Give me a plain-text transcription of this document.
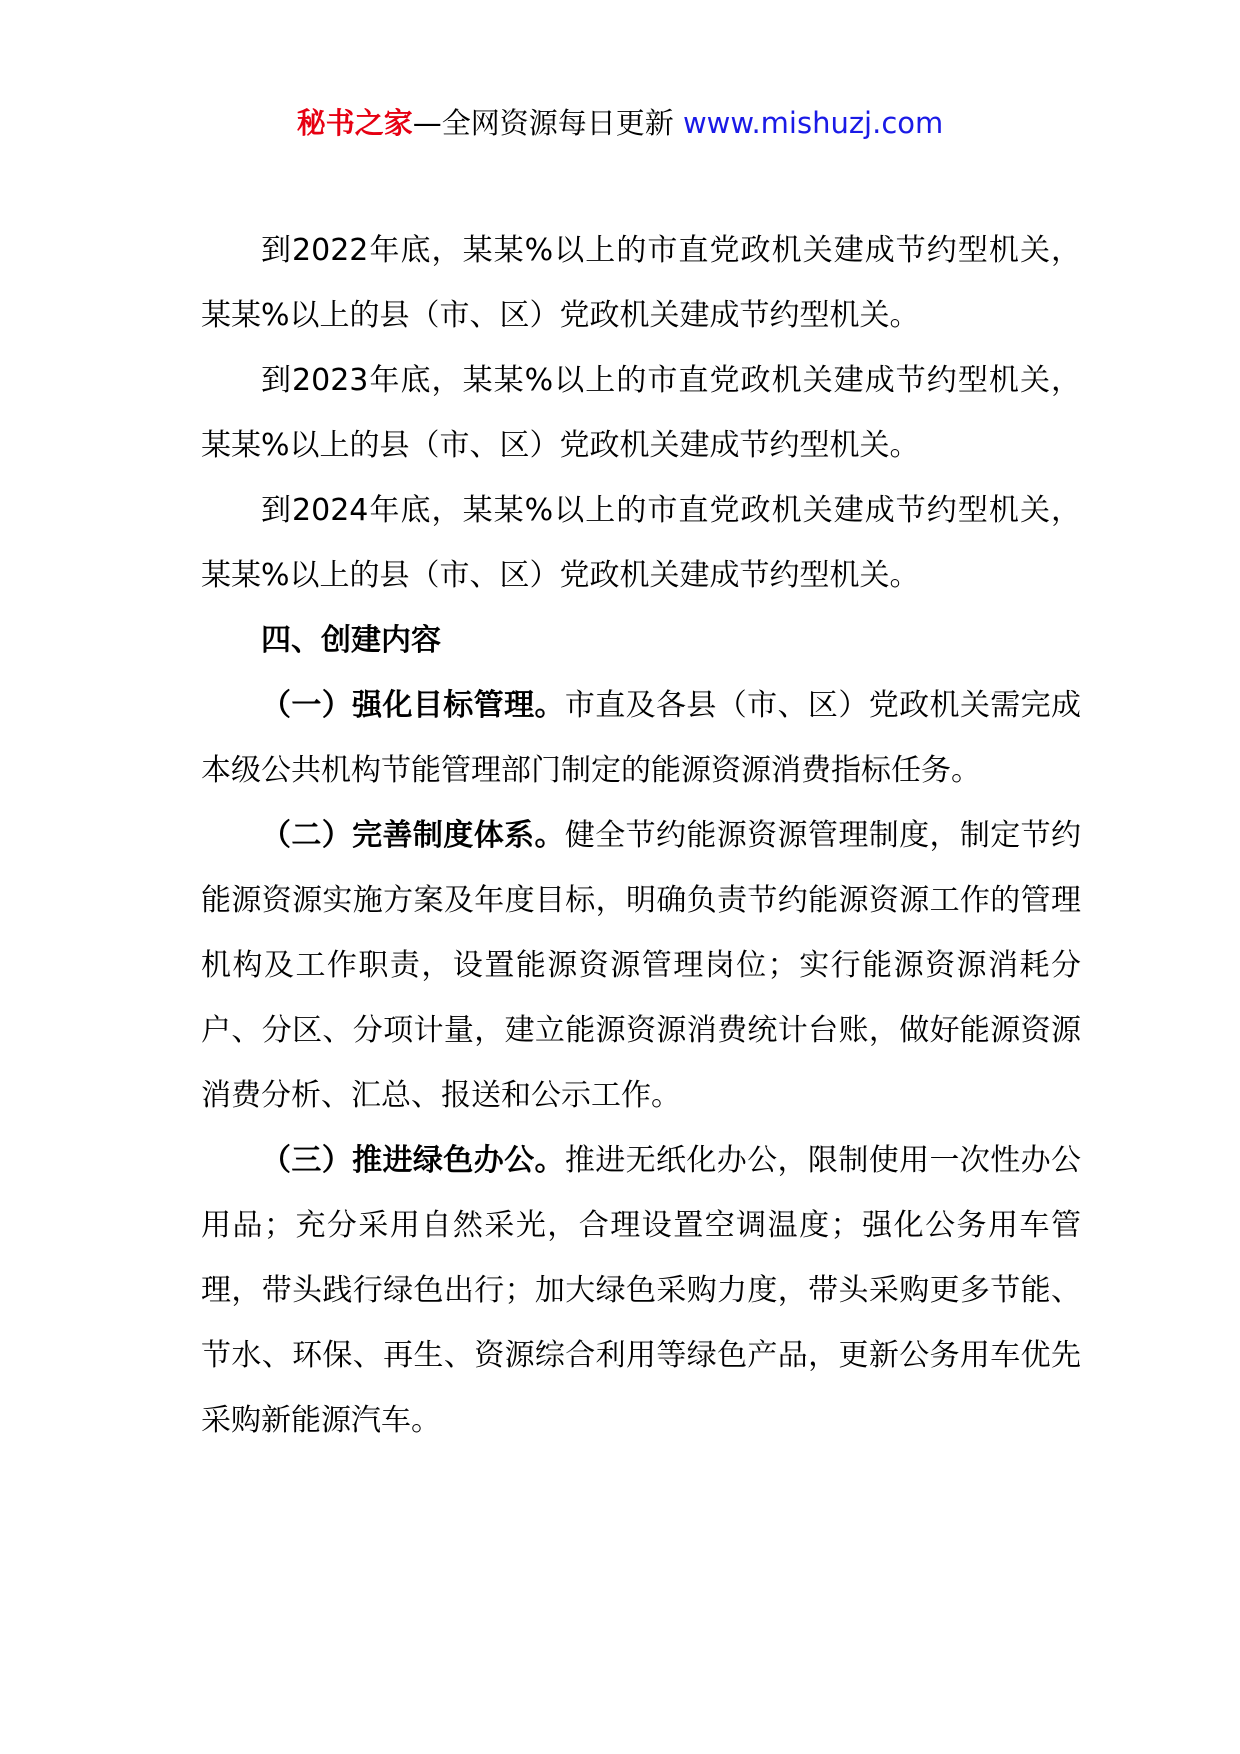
秘书之家—全网资源每日更新 www.mishuzj.com

到2022年底，某某%以上的市直党政机关建成节约型机关，某某%以上的县（市、区）党政机关建成节约型机关。

到2023年底，某某%以上的市直党政机关建成节约型机关，某某%以上的县（市、区）党政机关建成节约型机关。

到2024年底，某某%以上的市直党政机关建成节约型机关，某某%以上的县（市、区）党政机关建成节约型机关。

四、创建内容

（一）强化目标管理。市直及各县（市、区）党政机关需完成本级公共机构节能管理部门制定的能源资源消费指标任务。

（二）完善制度体系。健全节约能源资源管理制度，制定节约能源资源实施方案及年度目标，明确负责节约能源资源工作的管理机构及工作职责，设置能源资源管理岗位；实行能源资源消耗分户、分区、分项计量，建立能源资源消费统计台账，做好能源资源消费分析、汇总、报送和公示工作。

（三）推进绿色办公。推进无纸化办公，限制使用一次性办公用品；充分采用自然采光，合理设置空调温度；强化公务用车管理，带头践行绿色出行；加大绿色采购力度，带头采购更多节能、节水、环保、再生、资源综合利用等绿色产品，更新公务用车优先采购新能源汽车。
